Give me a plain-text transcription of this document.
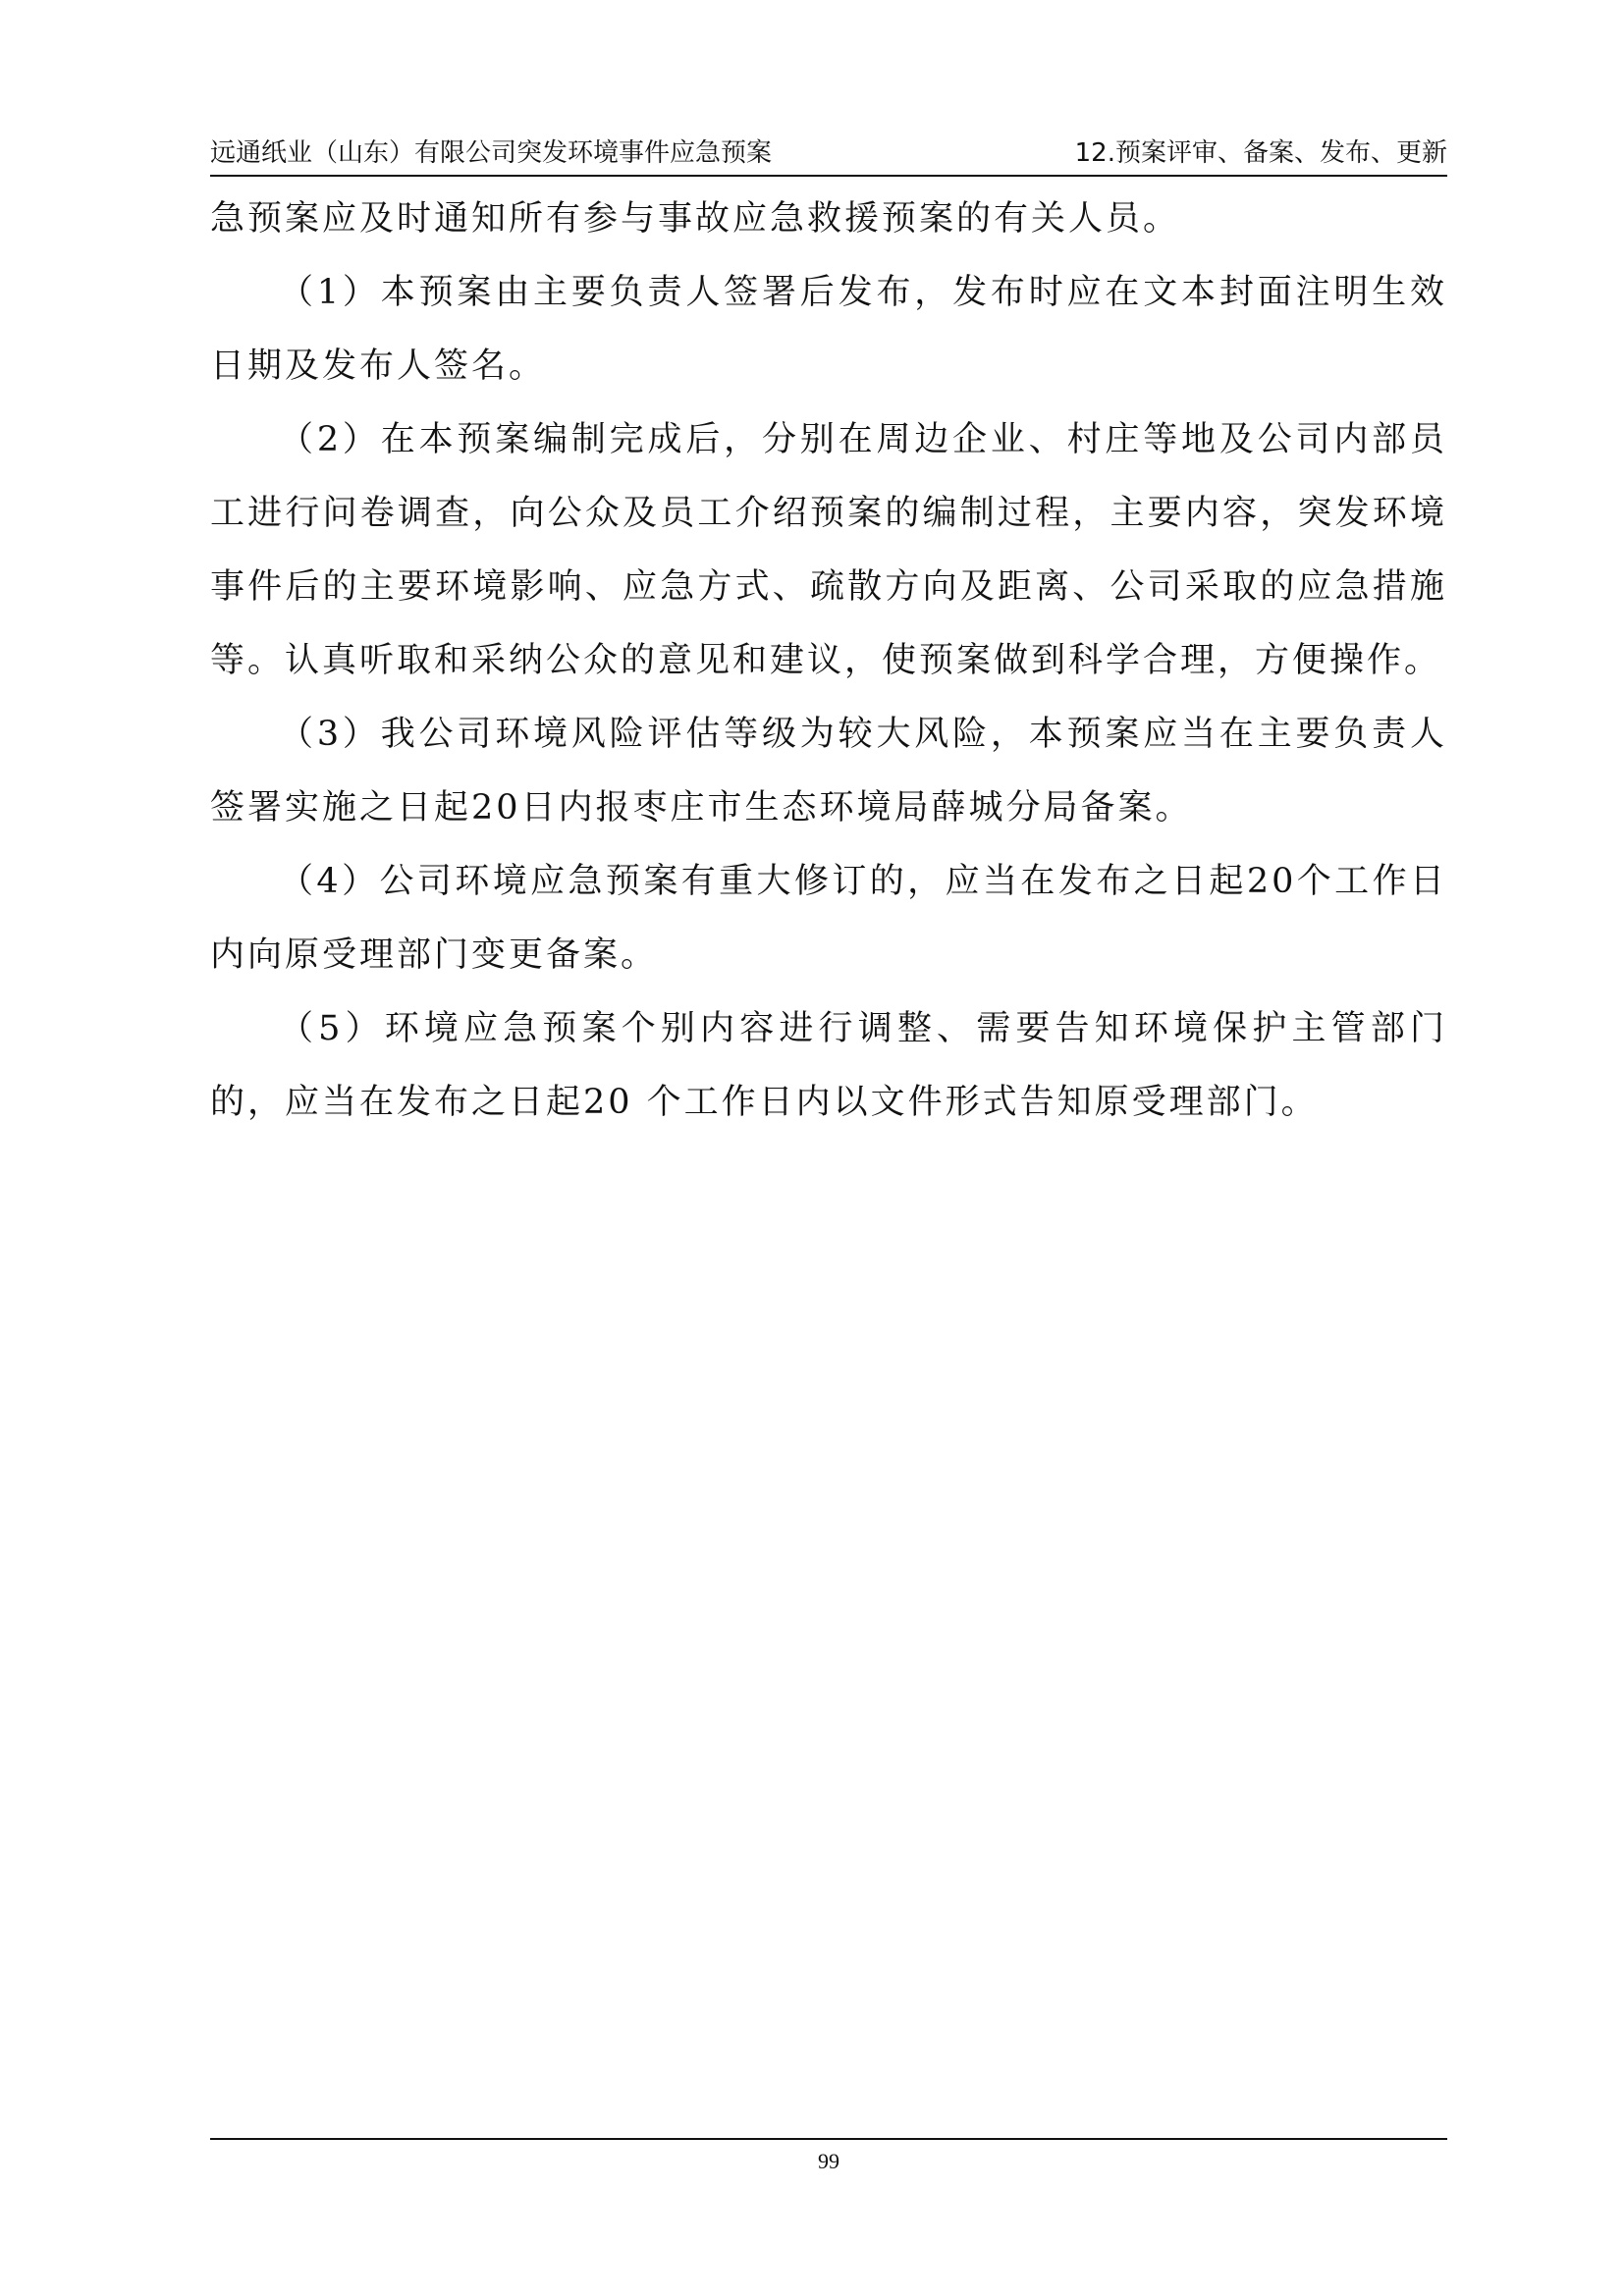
远通纸业（山东）有限公司突发环境事件应急预案	12.预案评审、备案、发布、更新

急预案应及时通知所有参与事故应急救援预案的有关人员。

（1）本预案由主要负责人签署后发布，发布时应在文本封面注明生效日期及发布人签名。

（2）在本预案编制完成后，分别在周边企业、村庄等地及公司内部员工进行问卷调查，向公众及员工介绍预案的编制过程，主要内容，突发环境事件后的主要环境影响、应急方式、疏散方向及距离、公司采取的应急措施等。认真听取和采纳公众的意见和建议，使预案做到科学合理，方便操作。

（3）我公司环境风险评估等级为较大风险，本预案应当在主要负责人签署实施之日起20日内报枣庄市生态环境局薛城分局备案。

（4）公司环境应急预案有重大修订的，应当在发布之日起20个工作日内向原受理部门变更备案。

（5）环境应急预案个别内容进行调整、需要告知环境保护主管部门的，应当在发布之日起20 个工作日内以文件形式告知原受理部门。

99
